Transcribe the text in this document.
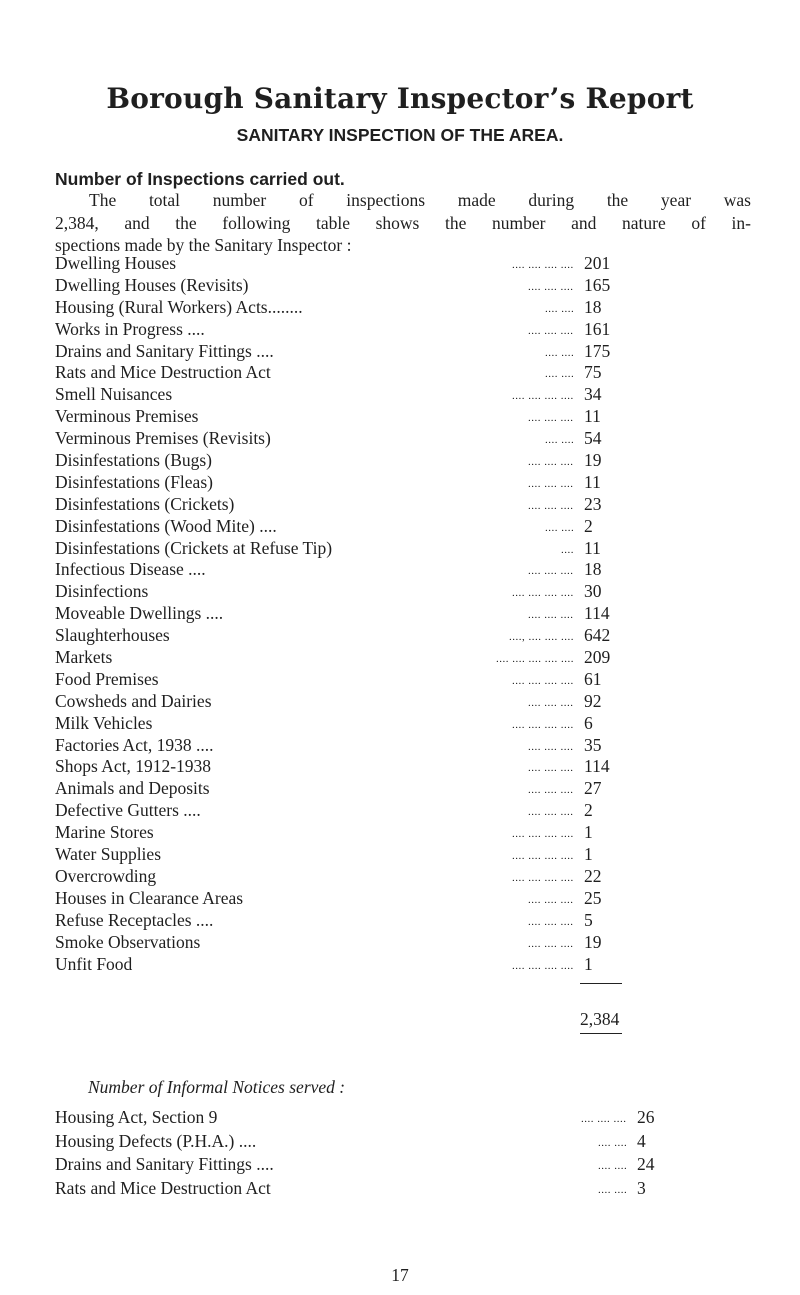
Borough Sanitary Inspector’s Report
SANITARY INSPECTION OF THE AREA.
Number of Inspections carried out.
The total number of inspections made during the year was
2,384, and the following table shows the number and nature of in-
spections made by the Sanitary Inspector :
Dwelling Houses	.... .... .... .... 201
Dwelling Houses (Revisits)	.... .... .... 165
Housing (Rural Workers) Acts........	.... .... 18
Works in Progress ....	.... .... .... 161
Drains and Sanitary Fittings ....	.... .... 175
Rats and Mice Destruction Act	.... .... 75
Smell Nuisances	.... .... .... .... 34
Verminous Premises	.... .... .... 11
Verminous Premises (Revisits)	.... .... 54
Disinfestations (Bugs)	.... .... .... 19
Disinfestations (Fleas)	.... .... .... 11
Disinfestations (Crickets)	.... .... .... 23
Disinfestations (Wood Mite) ....	.... .... 2
Disinfestations (Crickets at Refuse Tip)	.... 11
Infectious Disease ....	.... .... .... 18
Disinfections	.... .... .... .... 30
Moveable Dwellings ....	.... .... .... 114
Slaughterhouses	...., .... .... .... 642
Markets	.... .... .... .... .... 209
Food Premises	.... .... .... .... 61
Cowsheds and Dairies	.... .... .... 92
Milk Vehicles	.... .... .... .... 6
Factories Act, 1938 ....	.... .... .... 35
Shops Act, 1912-1938	.... .... .... 114
Animals and Deposits	.... .... .... 27
Defective Gutters ....	.... .... .... 2
Marine Stores	.... .... .... .... 1
Water Supplies	.... .... .... .... 1
Overcrowding	.... .... .... .... 22
Houses in Clearance Areas	.... .... .... 25
Refuse Receptacles ....	.... .... .... 5
Smoke Observations	.... .... .... 19
Unfit Food	.... .... .... .... 1
2,384
Number of Informal Notices served :
Housing Act, Section 9	.... .... .... 26
Housing Defects (P.H.A.) ....	.... .... 4
Drains and Sanitary Fittings ....	.... .... 24
Rats and Mice Destruction Act	.... .... 3
17
